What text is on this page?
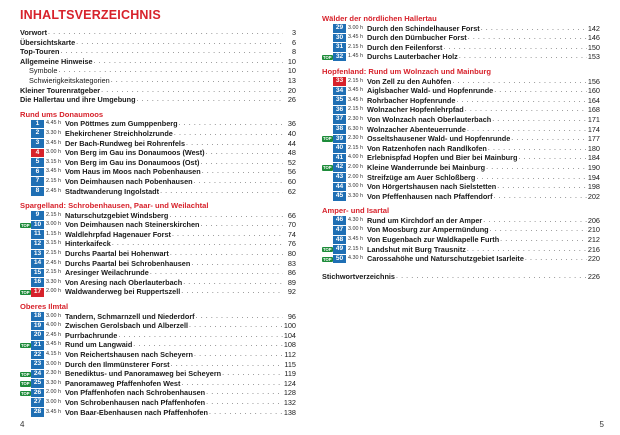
INHALTSVERZEICHNIS
Vorwort . . .	3
Übersichtskarte . . .	6
Top-Touren . . .	8
Allgemeine Hinweise . . .	10
Symbole . . .	10
Schwierigkeitskategorien . . .	13
Kleiner Tourenratgeber . . .	20
Die Hallertau und ihre Umgebung . . .	26
Rund ums Donaumoos
1	4.45 h Von Pöttmes zum Gumppenberg . . .	36
2	3.30 h Ehekirchener Streichholzrunde . . .	40
3	3.45 h Der Bach-Rundweg bei Rohrenfels . . .	44
4	3.00 h Von Berg im Gau ins Donaumoos (West) . . .	48
5	3.15 h Von Berg im Gau ins Donaumoos (Ost) . . .	52
6	3.45 h Vom Haus im Moos nach Pobenhausen . . .	56
7	2.15 h Von Deimhausen nach Pobenhausen . . .	60
8	2.45 h Stadtwanderung Ingolstadt . . .	62
Spargelland: Schrobenhausen, Paar- und Weilachtal
9	2.15 h Naturschutzgebiet Windsberg . . .	66
TOP 10 3.00 h Von Deimhausen nach Steinerskirchen . . .	70
11 1.15 h Waldlehrpfad Hagenauer Forst . . .	74
12 3.15 h Hinterkaifeck . . .	76
13 2.15 h Durchs Paartal bei Hohenwart . . .	80
14 2.45 h Durchs Paartal bei Schrobenhausen . . .	83
15 2.15 h Aresinger Weilachrunde . . .	86
16 3.30 h Von Aresing nach Oberlauterbach . . .	89
TOP 17 2.00 h Waldwanderweg bei Ruppertszell . . .	92
Oberes Ilmtal
18 3.00 h Tandern, Schmarnzell und Niederdorf . . .	96
19 4.00 h Zwischen Gerolsbach und Alberzell . . .	100
20 2.45 h Purrbachrunde . . .	104
TOP 21 3.45 h Rund um Langwaid . . .	108
22 4.15 h Von Reichertshausen nach Scheyern . . .	112
23 3.00 h Durch den Ilmmünsterer Forst . . .	115
TOP 24 2.30 h Benediktus- und Panoramaweg bei Scheyern . . .	119
TOP 25 3.30 h Panoramaweg Pfaffenhofen West . . .	124
TOP 26 2.00 h Von Pfaffenhofen nach Schrobenhausen . . .	128
27 3.00 h Von Schrobenhausen nach Pfaffenhofen . . .	132
28 3.45 h Von Baar-Ebenhausen nach Pfaffenhofen . . .	138
4
Wälder der nördlichen Hallertau
29 3.00 h Durch den Schindelhauser Forst . . .	142
30 3.45 h Durch den Dürnbucher Forst . . .	146
31 2.15 h Durch den Feilenforst . . .	150
TOP 32 1.45 h Durchs Lauterbacher Holz . . .	153
Hopfenland: Rund um Wolnzach und Mainburg
33 2.15 h Von Zell zu den Auhöfen . . .	156
34 3.45 h Aiglsbacher Wald- und Hopfenrunde . . .	160
35 3.45 h Rohrbacher Hopfenrunde . . .	164
36 2.15 h Wolnzacher Hopfenlehrpfad . . .	168
37 2.30 h Von Wolnzach nach Oberlauterbach . . .	171
38 6.30 h Wolnzacher Abenteuerrunde . . .	174
TOP 39 2.30 h Osseltshausener Wald- und Hopfenrunde . . .	177
40 2.15 h Von Ratzenhofen nach Randlkofen . . .	180
41 4.00 h Erlebnispfad Hopfen und Bier bei Mainburg . . .	184
TOP 42 2.00 h Kleine Wanderrunde bei Mainburg . . .	190
43 2.00 h Streifzüge am Auer Schloßberg . . .	194
44 3.00 h Von Hörgertshausen nach Sielstetten . . .	198
45 3.30 h Von Pfeffenhausen nach Pfaffendorf . . .	202
Amper- und Isartal
46 4.30 h Rund um Kirchdorf an der Amper . . .	206
47 3.00 h Von Moosburg zur Ampermündung . . .	210
48 3.45 h Von Eugenbach zur Waldkapelle Furth . . .	212
TOP 49 2.15 h Landshut mit Burg Trausnitz . . .	216
TOP 50 4.30 h Carossahöhe und Naturschutzgebiet Isarleite . . .	220
Stichwortverzeichnis . . .	226
5
